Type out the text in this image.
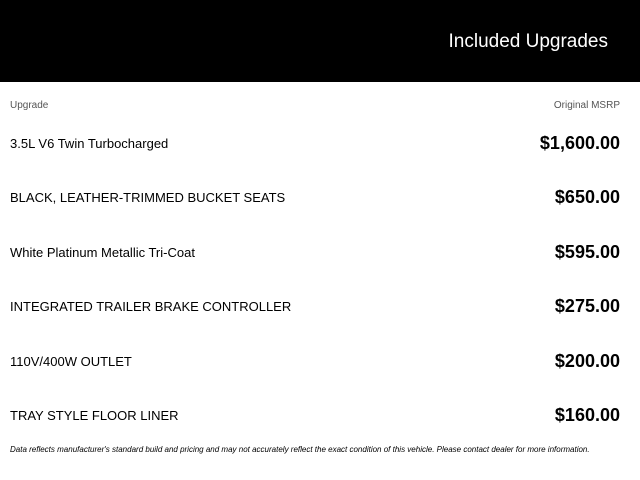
Included Upgrades
Upgrade	Original MSRP
3.5L V6 Twin Turbocharged	$1,600.00
BLACK, LEATHER-TRIMMED BUCKET SEATS	$650.00
White Platinum Metallic Tri-Coat	$595.00
INTEGRATED TRAILER BRAKE CONTROLLER	$275.00
110V/400W OUTLET	$200.00
TRAY STYLE FLOOR LINER	$160.00
Data reflects manufacturer's standard build and pricing and may not accurately reflect the exact condition of this vehicle. Please contact dealer for more information.
